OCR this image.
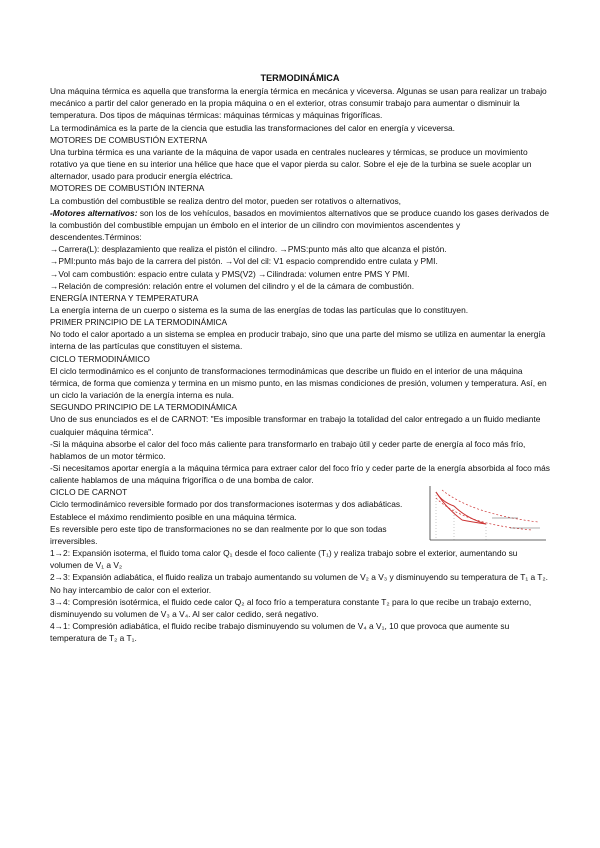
TERMODINÁMICA

Una máquina térmica es aquella que transforma la energía térmica en mecánica y viceversa. Algunas se usan para realizar un trabajo mecánico a partir del calor generado en la propia máquina o en el exterior, otras consumir trabajo para aumentar o disminuir la temperatura. Dos tipos de máquinas térmicas: máquinas térmicas y máquinas frigoríficas.

La termodinámica es la parte de la ciencia que estudia las transformaciones del calor en energía y viceversa.

MOTORES DE COMBUSTIÓN EXTERNA

Una turbina térmica es una variante de la máquina de vapor usada en centrales nucleares y térmicas, se produce un movimiento rotativo ya que tiene en su interior una hélice que hace que el vapor pierda su calor. Sobre el eje de la turbina se suele acoplar un alternador, usado para producir energía eléctrica.

MOTORES DE COMBUSTIÓN INTERNA

La combustión del combustible se realiza dentro del motor, pueden ser rotativos o alternativos,

-Motores alternativos: son los de los vehículos, basados en movimientos alternativos que se produce cuando los gases derivados de la combustión del combustible empujan un émbolo en el interior de un cilindro con movimientos ascendentes y descendentes.Términos:

→Carrera(L): desplazamiento que realiza el pistón el cilindro. →PMS:punto más alto que alcanza el pistón.

→PMI:punto más bajo de la carrera del pistón. →Vol del cil: V1 espacio comprendido entre culata y PMI.

→Vol cam combustión: espacio entre culata y PMS(V2) →Cilindrada: volumen entre PMS Y PMI.

→Relación de compresión: relación entre el volumen del cilindro y el de la cámara de combustión.

ENERGÍA INTERNA Y TEMPERATURA

La energía interna de un cuerpo o sistema es la suma de las energías de todas las partículas que lo constituyen.

PRIMER PRINCIPIO DE LA TERMODINÁMICA

No todo el calor aportado a un sistema se emplea en producir trabajo, sino que una parte del mismo se utiliza en aumentar la energía interna de las partículas que constituyen el sistema.

CICLO TERMODINÁMICO

El ciclo termodinámico es el conjunto de transformaciones termodinámicas que describe un fluido en el interior de una máquina térmica, de forma que comienza y termina en un mismo punto, en las mismas condiciones de presión, volumen y temperatura. Así, en un ciclo la variación de la energía interna es nula.

SEGUNDO PRINCIPIO DE LA TERMODINÁMICA

Uno de sus enunciados es el de CARNOT: "Es imposible transformar en trabajo la totalidad del calor entregado a un fluido mediante cualquier máquina térmica".

-Si la máquina absorbe el calor del foco más caliente para transformarlo en trabajo útil y ceder parte de energía al foco más frío, hablamos de un motor térmico.

-Si necesitamos aportar energía a la máquina térmica para extraer calor del foco frío y ceder parte de la energía absorbida al foco más caliente hablamos de una máquina frigorífica o de una bomba de calor.

CICLO DE CARNOT

Ciclo termodinámico reversible formado por dos transformaciones isotermas y dos adiabáticas. Establece el máximo rendimiento posible en una máquina térmica.

Es reversible pero este tipo de transformaciones no se dan realmente por lo que son todas irreversibles.

1→2: Expansión isoterma, el fluido toma calor Q₁ desde el foco caliente (T₁) y realiza trabajo sobre el exterior, aumentando su volumen de V₁ a V₂

2→3: Expansión adiabática, el fluido realiza un trabajo aumentando su volumen de V₂ a V₃ y disminuyendo su temperatura de T₁ a T₂. No hay intercambio de calor con el exterior.

3→4: Compresión isotérmica, el fluido cede calor Q₂ al foco frío a temperatura constante T₂ para lo que recibe un trabajo externo, disminuyendo su volumen de V₃ a V₄. Al ser calor cedido, será negativo.

4→1: Compresión adiabática, el fluido recibe trabajo disminuyendo su volumen de V₄ a V₁, 10 que provoca que aumente su temperatura de T₂ a T₁.
